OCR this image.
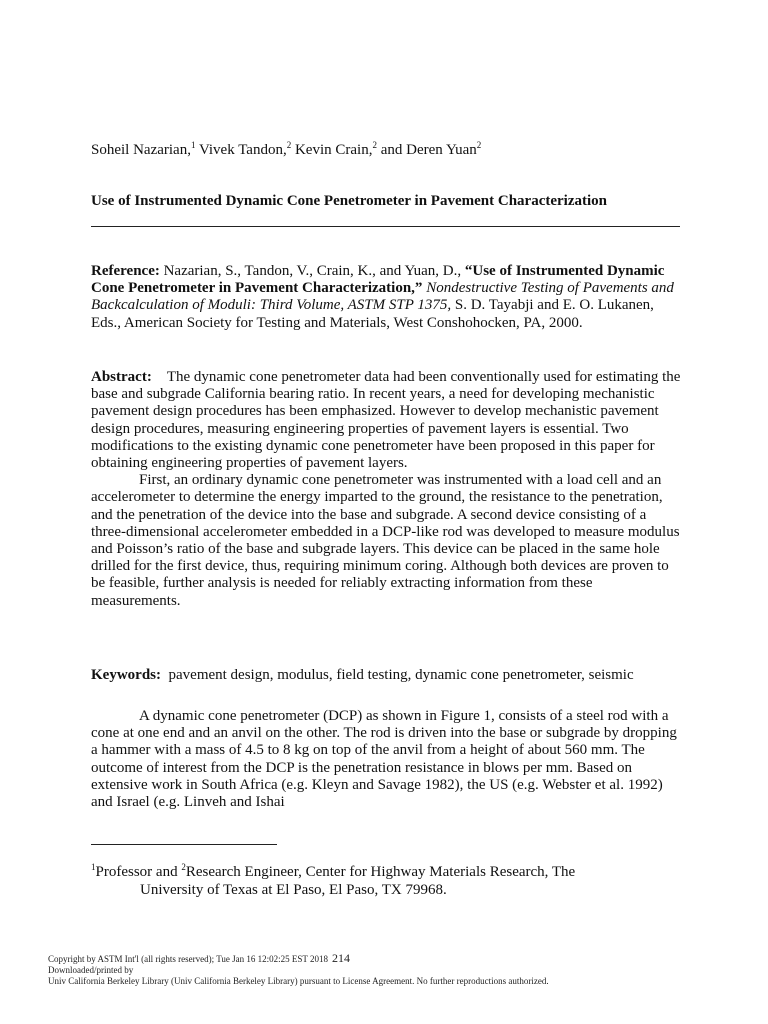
Soheil Nazarian,$^1$ Vivek Tandon,$^2$ Kevin Crain,$^2$ and Deren Yuan$^2$
Use of Instrumented Dynamic Cone Penetrometer in Pavement Characterization

Reference: Nazarian, S., Tandon, V., Crain, K., and Yuan, D., “Use of Instrumented Dynamic Cone Penetrometer in Pavement Characterization,” Nondestructive Testing of Pavements and Backcalculation of Moduli: Third Volume, ASTM STP 1375, S. D. Tayabji and E. O. Lukanen, Eds., American Society for Testing and Materials, West Conshohocken, PA, 2000.

Abstract: The dynamic cone penetrometer data had been conventionally used for estimating the base and subgrade California bearing ratio. In recent years, a need for developing mechanistic pavement design procedures has been emphasized. However to develop mechanistic pavement design procedures, measuring engineering properties of pavement layers is essential. Two modifications to the existing dynamic cone penetrometer have been proposed in this paper for obtaining engineering properties of pavement layers.

First, an ordinary dynamic cone penetrometer was instrumented with a load cell and an accelerometer to determine the energy imparted to the ground, the resistance to the penetration, and the penetration of the device into the base and subgrade. A second device consisting of a three-dimensional accelerometer embedded in a DCP-like rod was developed to measure modulus and Poisson’s ratio of the base and subgrade layers. This device can be placed in the same hole drilled for the first device, thus, requiring minimum coring. Although both devices are proven to be feasible, further analysis is needed for reliably extracting information from these measurements.

Keywords: pavement design, modulus, field testing, dynamic cone penetrometer, seismic

A dynamic cone penetrometer (DCP) as shown in Figure 1, consists of a steel rod with a cone at one end and an anvil on the other. The rod is driven into the base or subgrade by dropping a hammer with a mass of 4.5 to 8 kg on top of the anvil from a height of about 560 mm. The outcome of interest from the DCP is the penetration resistance in blows per mm. Based on extensive work in South Africa (e.g. Kleyn and Savage 1982), the US (e.g. Webster et al. 1992) and Israel (e.g. Linveh and Ishai

$^1$Professor and $^2$Research Engineer, Center for Highway Materials Research, The
University of Texas at El Paso, El Paso, TX 79968.
Copyright by ASTM Int'l (all rights reserved); Tue Jan 16 12:02:25 EST 2018 214
Downloaded/printed by
Univ California Berkeley Library (Univ California Berkeley Library) pursuant to License Agreement. No further reproductions authorized.
